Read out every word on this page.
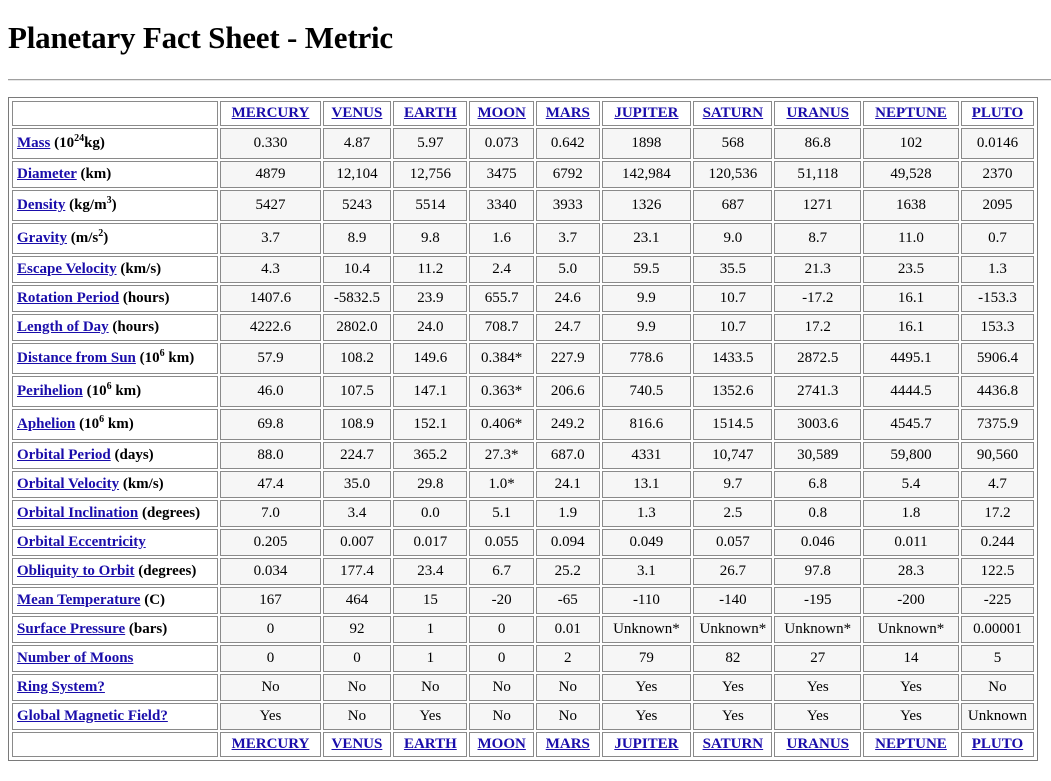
Planetary Fact Sheet - Metric
	MERCURY	VENUS	EARTH	MOON	MARS	JUPITER	SATURN	URANUS	NEPTUNE	PLUTO
Mass $(10^{24}kg)$	0.330	4.87	5.97	0.073	0.642	1898	568	86.8	102	0.0146
Diameter (km)	4879	12,104	12,756	3475	6792	142,984	120,536	51,118	49,528	2370
Density $(kg/m^3)$	5427	5243	5514	3340	3933	1326	687	1271	1638	2095
Gravity $(m/s^2)$	3.7	8.9	9.8	1.6	3.7	23.1	9.0	8.7	11.0	0.7
Escape Velocity (km/s)	4.3	10.4	11.2	2.4	5.0	59.5	35.5	21.3	23.5	1.3
Rotation Period (hours)	1407.6	-5832.5	23.9	655.7	24.6	9.9	10.7	-17.2	16.1	-153.3
Length of Day (hours)	4222.6	2802.0	24.0	708.7	24.7	9.9	10.7	17.2	16.1	153.3
Distance from Sun ($10^6$ km)	57.9	108.2	149.6	0.384*	227.9	778.6	1433.5	2872.5	4495.1	5906.4
Perihelion ($10^6$ km)	46.0	107.5	147.1	0.363*	206.6	740.5	1352.6	2741.3	4444.5	4436.8
Aphelion ($10^6$ km)	69.8	108.9	152.1	0.406*	249.2	816.6	1514.5	3003.6	4545.7	7375.9
Orbital Period (days)	88.0	224.7	365.2	27.3*	687.0	4331	10,747	30,589	59,800	90,560
Orbital Velocity (km/s)	47.4	35.0	29.8	1.0*	24.1	13.1	9.7	6.8	5.4	4.7
Orbital Inclination (degrees)	7.0	3.4	0.0	5.1	1.9	1.3	2.5	0.8	1.8	17.2
Orbital Eccentricity	0.205	0.007	0.017	0.055	0.094	0.049	0.057	0.046	0.011	0.244
Obliquity to Orbit (degrees)	0.034	177.4	23.4	6.7	25.2	3.1	26.7	97.8	28.3	122.5
Mean Temperature (C)	167	464	15	-20	-65	-110	-140	-195	-200	-225
Surface Pressure (bars)	0	92	1	0	0.01	Unknown*	Unknown*	Unknown*	Unknown*	0.00001
Number of Moons	0	0	1	0	2	79	82	27	14	5
Ring System?	No	No	No	No	No	Yes	Yes	Yes	Yes	No
Global Magnetic Field?	Yes	No	Yes	No	No	Yes	Yes	Yes	Yes	Unknown
	MERCURY	VENUS	EARTH	MOON	MARS	JUPITER	SATURN	URANUS	NEPTUNE	PLUTO
